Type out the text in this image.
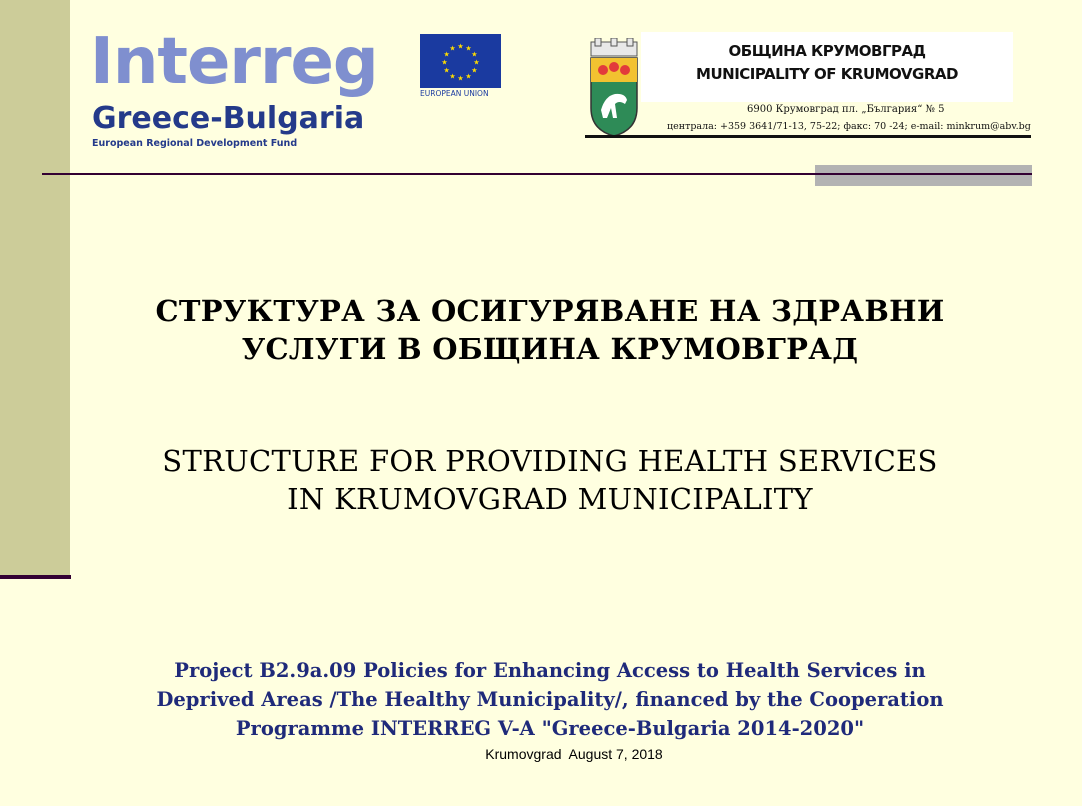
Interreg
Greece-Bulgaria
European Regional Development Fund
★ ★
★
★
★
★
★
★
★
★
★
★
EUROPEAN UNION
ОБЩИНА КРУМОВГРАД
MUNICIPALITY OF KRUMOVGRAD
6900 Крумовград пл. „България“ № 5
централа: +359 3641/71-13, 75-22; факс: 70 -24; e-mail: minkrum@abv.bg
СТРУКТУРА ЗА ОСИГУРЯВАНЕ НА ЗДРАВНИ
УСЛУГИ В ОБЩИНА КРУМОВГРАД
STRUCTURE FOR PROVIDING HEALTH SERVICES
IN KRUMOVGRAD MUNICIPALITY
Project B2.9a.09 Policies for Enhancing Access to Health Services in
Deprived Areas /The Healthy Municipality/, financed by the Cooperation
Programme INTERREG V-A "Greece-Bulgaria 2014-2020"
Krumovgrad  August 7, 2018
